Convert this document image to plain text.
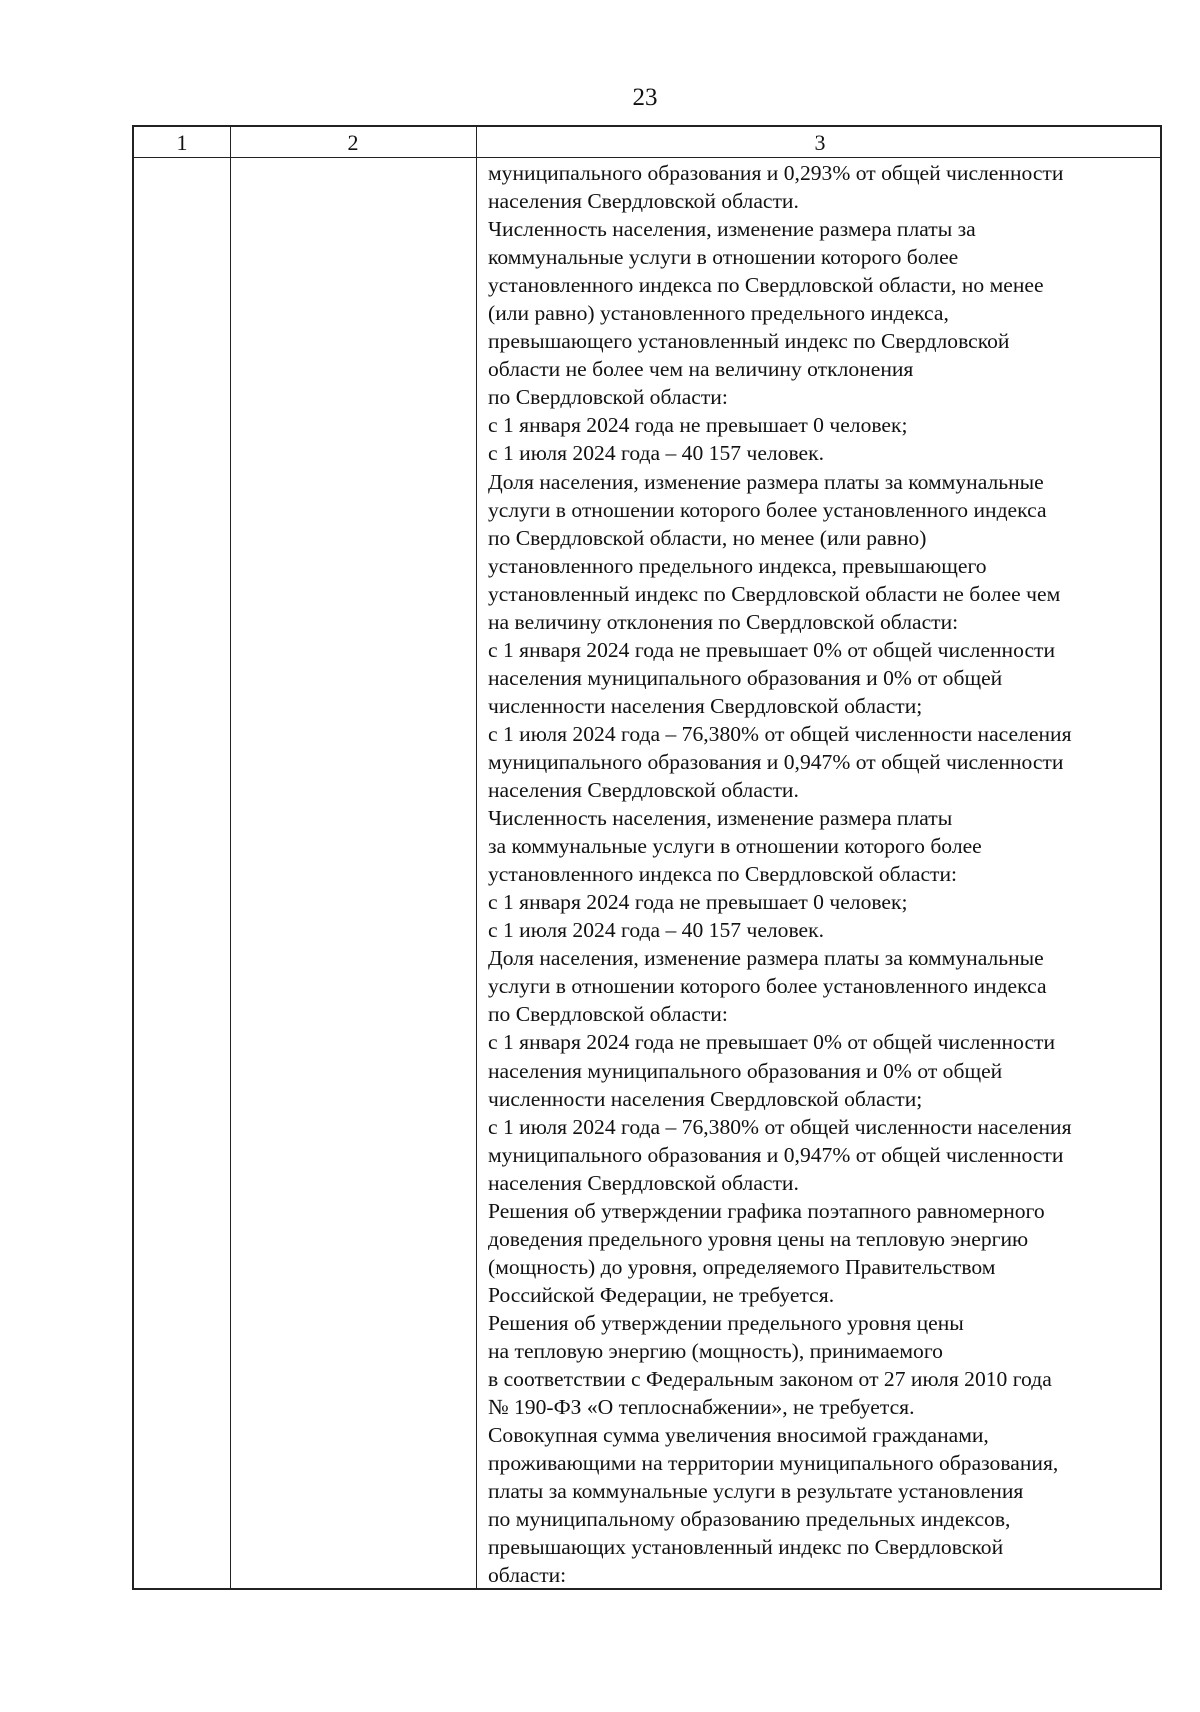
23
1	2	3
муниципального образования и 0,293% от общей численности
населения Свердловской области.
Численность населения, изменение размера платы за
коммунальные услуги в отношении которого более
установленного индекса по Свердловской области, но менее
(или равно) установленного предельного индекса,
превышающего установленный индекс по Свердловской
области не более чем на величину отклонения
по Свердловской области:
с 1 января 2024 года не превышает 0 человек;
с 1 июля 2024 года – 40 157 человек.
Доля населения, изменение размера платы за коммунальные
услуги в отношении которого более установленного индекса
по Свердловской области, но менее (или равно)
установленного предельного индекса, превышающего
установленный индекс по Свердловской области не более чем
на величину отклонения по Свердловской области:
с 1 января 2024 года не превышает 0% от общей численности
населения муниципального образования и 0% от общей
численности населения Свердловской области;
с 1 июля 2024 года – 76,380% от общей численности населения
муниципального образования и 0,947% от общей численности
населения Свердловской области.
Численность населения, изменение размера платы
за коммунальные услуги в отношении которого более
установленного индекса по Свердловской области:
с 1 января 2024 года не превышает 0 человек;
с 1 июля 2024 года – 40 157 человек.
Доля населения, изменение размера платы за коммунальные
услуги в отношении которого более установленного индекса
по Свердловской области:
с 1 января 2024 года не превышает 0% от общей численности
населения муниципального образования и 0% от общей
численности населения Свердловской области;
с 1 июля 2024 года – 76,380% от общей численности населения
муниципального образования и 0,947% от общей численности
населения Свердловской области.
Решения об утверждении графика поэтапного равномерного
доведения предельного уровня цены на тепловую энергию
(мощность) до уровня, определяемого Правительством
Российской Федерации, не требуется.
Решения об утверждении предельного уровня цены
на тепловую энергию (мощность), принимаемого
в соответствии с Федеральным законом от 27 июля 2010 года
№ 190-ФЗ «О теплоснабжении», не требуется.
Совокупная сумма увеличения вносимой гражданами,
проживающими на территории муниципального образования,
платы за коммунальные услуги в результате установления
по муниципальному образованию предельных индексов,
превышающих установленный индекс по Свердловской
области:
